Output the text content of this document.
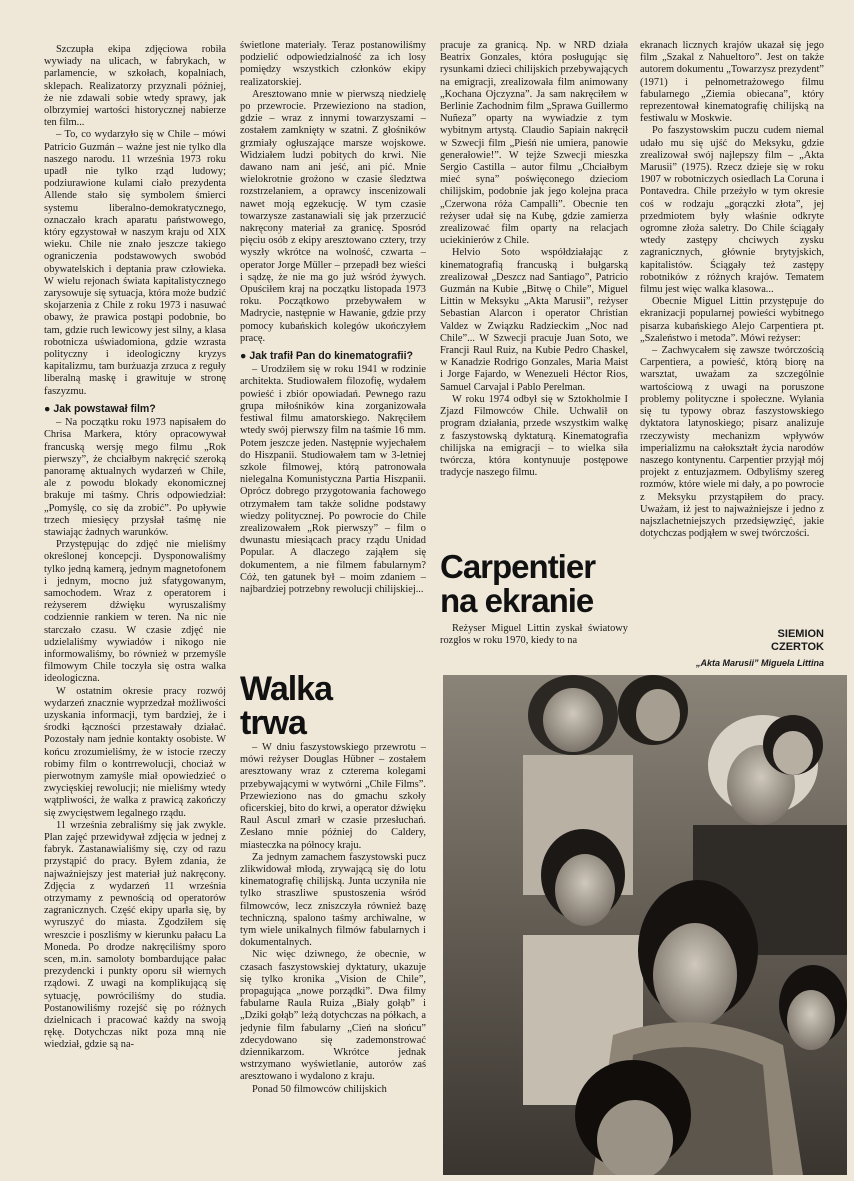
Szczupła ekipa zdjęciowa robiła wywiady na ulicach, w fabrykach, w parlamencie, w szkołach, kopalniach, sklepach. Realizatorzy przyznali później, że nie zdawali sobie wtedy sprawy, jak olbrzymiej wartości historycznej nabierze ten film...

– To, co wydarzyło się w Chile – mówi Patricio Guzmán – ważne jest nie tylko dla naszego narodu. 11 września 1973 roku upadł nie tylko rząd ludowy; podziurawione kulami ciało prezydenta Allende stało się symbolem śmierci systemu liberalno-demokratycznego, oznaczało krach aparatu państwowego, który egzystował w naszym kraju od XIX wieku. Chile nie znało jeszcze takiego ograniczenia podstawowych swobód obywatelskich i deptania praw człowieka. W wielu rejonach świata kapitalistycznego zarysowuje się sytuacja, która może budzić skojarzenia z Chile z roku 1973 i nasuwać obawy, że prawica postąpi podobnie, bo tam, gdzie ruch lewicowy jest silny, a klasa robotnicza uświadomiona, gdzie wzrasta polityczny i ideologiczny kryzys kapitalizmu, tam burżuazja zrzuca z reguły liberalną maskę i grawituje w stronę faszyzmu.

● Jak powstawał film?

– Na początku roku 1973 napisałem do Chrisa Markera, który opracowywał francuską wersję mego filmu „Rok pierwszy”, że chciałbym nakręcić szeroką panoramę aktualnych wydarzeń w Chile, ale z powodu blokady ekonomicznej brakuje mi taśmy. Chris odpowiedział: „Pomyślę, co się da zrobić”. Po upływie trzech miesięcy przysłał taśmę nie stawiając żadnych warunków.

Przystępując do zdjęć nie mieliśmy określonej koncepcji. Dysponowaliśmy tylko jedną kamerą, jednym magnetofonem i jednym, mocno już sfatygowanym, samochodem. Wraz z operatorem i reżyserem dźwięku wyruszaliśmy codziennie rankiem w teren. Na nic nie starczało czasu. W czasie zdjęć nie udzielaliśmy wywiadów i nikogo nie informowaliśmy, bo również w przemyśle filmowym Chile toczyła się ostra walka ideologiczna.

W ostatnim okresie pracy rozwój wydarzeń znacznie wyprzedzał możliwości uzyskania informacji, tym bardziej, że i środki łączności przestawały działać. Pozostały nam jednie kontakty osobiste. W końcu zrozumieliśmy, że w istocie rzeczy robimy film o kontrrewolucji, chociaż w pierwotnym zamyśle miał opowiedzieć o zwycięskiej rewolucji; nie mieliśmy wtedy wątpliwości, że walka z prawicą zakończy się zwycięstwem legalnego rządu.

11 września zebraliśmy się jak zwykle. Plan zajęć przewidywał zdjęcia w jednej z fabryk. Zastanawialiśmy się, czy od razu przystąpić do pracy. Byłem zdania, że najważniejszy jest materiał już nakręcony. Zdjęcia z wydarzeń 11 września otrzymamy z pewnością od operatorów zagranicznych. Część ekipy uparła się, by wyruszyć do miasta. Zgodziłem się wreszcie i poszliśmy w kierunku pałacu La Moneda. Po drodze nakręciliśmy sporo scen, m.in. samoloty bombardujące pałac prezydencki i punkty oporu sił wiernych rządowi. Z uwagi na komplikującą się sytuację, powróciliśmy do studia. Postanowiliśmy rozejść się po różnych dzielnicach i pracować każdy na swoją rękę. Dotychczas nikt poza mną nie wiedział, gdzie są na-

świetlone materiały. Teraz postanowiliśmy podzielić odpowiedzialność za ich losy pomiędzy wszystkich członków ekipy realizatorskiej.

Aresztowano mnie w pierwszą niedzielę po przewrocie. Przewieziono na stadion, gdzie – wraz z innymi towarzyszami – zostałem zamknięty w szatni. Z głośników grzmiały ogłuszające marsze wojskowe. Widziałem ludzi pobitych do krwi. Nie dawano nam ani jeść, ani pić. Mnie wielokrotnie grożono w czasie śledztwa rozstrzelaniem, a oprawcy inscenizowali nawet moją egzekucję. W tym czasie towarzysze zastanawiali się jak przerzucić nakręcony materiał za granicę. Sposród pięciu osób z ekipy aresztowano cztery, trzy wyszły wkrótce na wolność, czwarta – operator Jorge Müller – przepadł bez wieści i sądzę, że nie ma go już wśród żywych. Opuściłem kraj na początku listopada 1973 roku. Początkowo przebywałem w Madrycie, następnie w Hawanie, gdzie przy pomocy kubańskich kolegów ukończyłem pracę.

● Jak trafił Pan do kinematografii?

– Urodziłem się w roku 1941 w rodzinie architekta. Studiowałem filozofię, wydałem powieść i zbiór opowiadań. Pewnego razu grupa miłośników kina zorganizowała festiwal filmu amatorskiego. Nakręciłem wtedy swój pierwszy film na taśmie 16 mm. Potem jeszcze jeden. Następnie wyjechałem do Hiszpanii. Studiowałem tam w 3-letniej szkole filmowej, którą patronowała nielegalna Komunistyczna Partia Hiszpanii. Oprócz dobrego przygotowania fachowego otrzymałem tam także solidne podstawy wiedzy politycznej. Po powrocie do Chile zrealizowałem „Rok pierwszy” – film o dwunastu miesiącach pracy rządu Unidad Popular. A dlaczego zająłem się dokumentem, a nie filmem fabularnym? Cóż, ten gatunek był – moim zdaniem – najbardziej potrzebny rewolucji chilijskiej...

Walka
trwa

– W dniu faszystowskiego przewrotu – mówi reżyser Douglas Hübner – zostałem aresztowany wraz z czterema kolegami przebywającymi w wytwórni „Chile Films”. Przewieziono nas do gmachu szkoły oficerskiej, bito do krwi, a operator dźwięku Raul Ascul zmarł w czasie przesłuchań. Zesłano mnie później do Caldery, miasteczka na północy kraju.

Za jednym zamachem faszystowski pucz zlikwidował młodą, zrywającą się do lotu kinematografię chilijską. Junta uczyniła nie tylko straszliwe spustoszenia wśród filmowców, lecz zniszczyła również bazę techniczną, spalono taśmy archiwalne, w tym wiele unikalnych filmów fabularnych i dokumentalnych.

Nic więc dziwnego, że obecnie, w czasach faszystowskiej dyktatury, ukazuje się tylko kronika „Vision de Chile”, propagująca „nowe porządki”. Dwa filmy fabularne Raula Ruiza „Biały gołąb” i „Dziki gołąb” leżą dotychczas na półkach, a jedynie film fabularny „Cień na słońcu” zdecydowano się zademonstrować dziennikarzom. Wkrótce jednak wstrzymano wyświetlanie, autorów zaś aresztowano i wydalono z kraju.

Ponad 50 filmowców chilijskich

pracuje za granicą. Np. w NRD działa Beatrix Gonzales, która posługując się rysunkami dzieci chilijskich przebywających na emigracji, zrealizowała film animowany „Kochana Ojczyzna”. Ja sam nakręciłem w Berlinie Zachodnim film „Sprawa Guillermo Nuñeza” oparty na wywiadzie z tym wybitnym artystą. Claudio Sapiain nakręcił w Szwecji film „Pieśń nie umiera, panowie generałowie!”. W tejże Szwecji mieszka Sergio Castilla – autor filmu „Chciałbym mieć syna” poświęconego dzieciom chilijskim, podobnie jak jego kolejna praca „Czerwona róża Campalli”. Obecnie ten reżyser udał się na Kubę, gdzie zamierza zrealizować film oparty na relacjach uciekinierów z Chile.

Helvio Soto współdziałając z kinematografią francuską i bułgarską zrealizował „Deszcz nad Santiago”, Patricio Guzmán na Kubie „Bitwę o Chile”, Miguel Littin w Meksyku „Akta Marusii”, reżyser Sebastian Alarcon i operator Christian Valdez w Związku Radzieckim „Noc nad Chile”... W Szwecji pracuje Juan Soto, we Francji Raul Ruiz, na Kubie Pedro Chaskel, w Kanadzie Rodrigo Gonzales, Maria Maist i Jorge Fajardo, w Wenezueli Héctor Rios, Samuel Carvajal i Pablo Perelman.

W roku 1974 odbył się w Sztokholmie I Zjazd Filmowców Chile. Uchwalił on program działania, przede wszystkim walkę z faszystowską dyktaturą. Kinematografia chilijska na emigracji – to wielka siła twórcza, która kontynuuje postępowe tradycje naszego filmu.

Carpentier
na ekranie

Reżyser Miguel Littin zyskał światowy rozgłos w roku 1970, kiedy to na

ekranach licznych krajów ukazał się jego film „Szakal z Nahueltoro”. Jest on także autorem dokumentu „Towarzysz prezydent” (1971) i pełnometrażowego filmu fabularnego „Ziemia obiecana”, który reprezentował kinematografię chilijską na festiwalu w Moskwie.

Po faszystowskim puczu cudem niemal udało mu się ujść do Meksyku, gdzie zrealizował swój najlepszy film – „Akta Marusii” (1975). Rzecz dzieje się w roku 1907 w robotniczych osiedlach La Coruna i Pontavedra. Chile przeżyło w tym okresie coś w rodzaju „gorączki złota”, jej przedmiotem były właśnie odkryte ogromne złoża saletry. Do Chile ściągały wtedy zastępy chciwych zysku zagranicznych, głównie brytyjskich, kapitalistów. Ściągały też zastępy robotników z różnych krajów. Tematem filmu jest więc walka klasowa...

Obecnie Miguel Littin przystępuje do ekranizacji popularnej powieści wybitnego pisarza kubańskiego Alejo Carpentiera pt. „Szaleństwo i metoda”. Mówi reżyser:

– Zachwycałem się zawsze twórczością Carpentiera, a powieść, którą biorę na warsztat, uważam za szczególnie wartościową z uwagi na poruszone problemy polityczne i społeczne. Wyłania się tu typowy obraz faszystowskiego dyktatora latynoskiego; pisarz analizuje rzeczywisty mechanizm wpływów imperializmu na całokształt życia narodów naszego kontynentu. Carpentier przyjął mój projekt z entuzjazmem. Odbyliśmy szereg rozmów, które wiele mi dały, a po powrocie z Meksyku przystąpiłem do pracy. Uważam, iż jest to najważniejsze i jedno z najszlachetniejszych przedsięwzięć, jakie dotychczas podjąłem w swej twórczości.

SIEMION
CZERTOK
„Akta Marusii” Miguela Littina
